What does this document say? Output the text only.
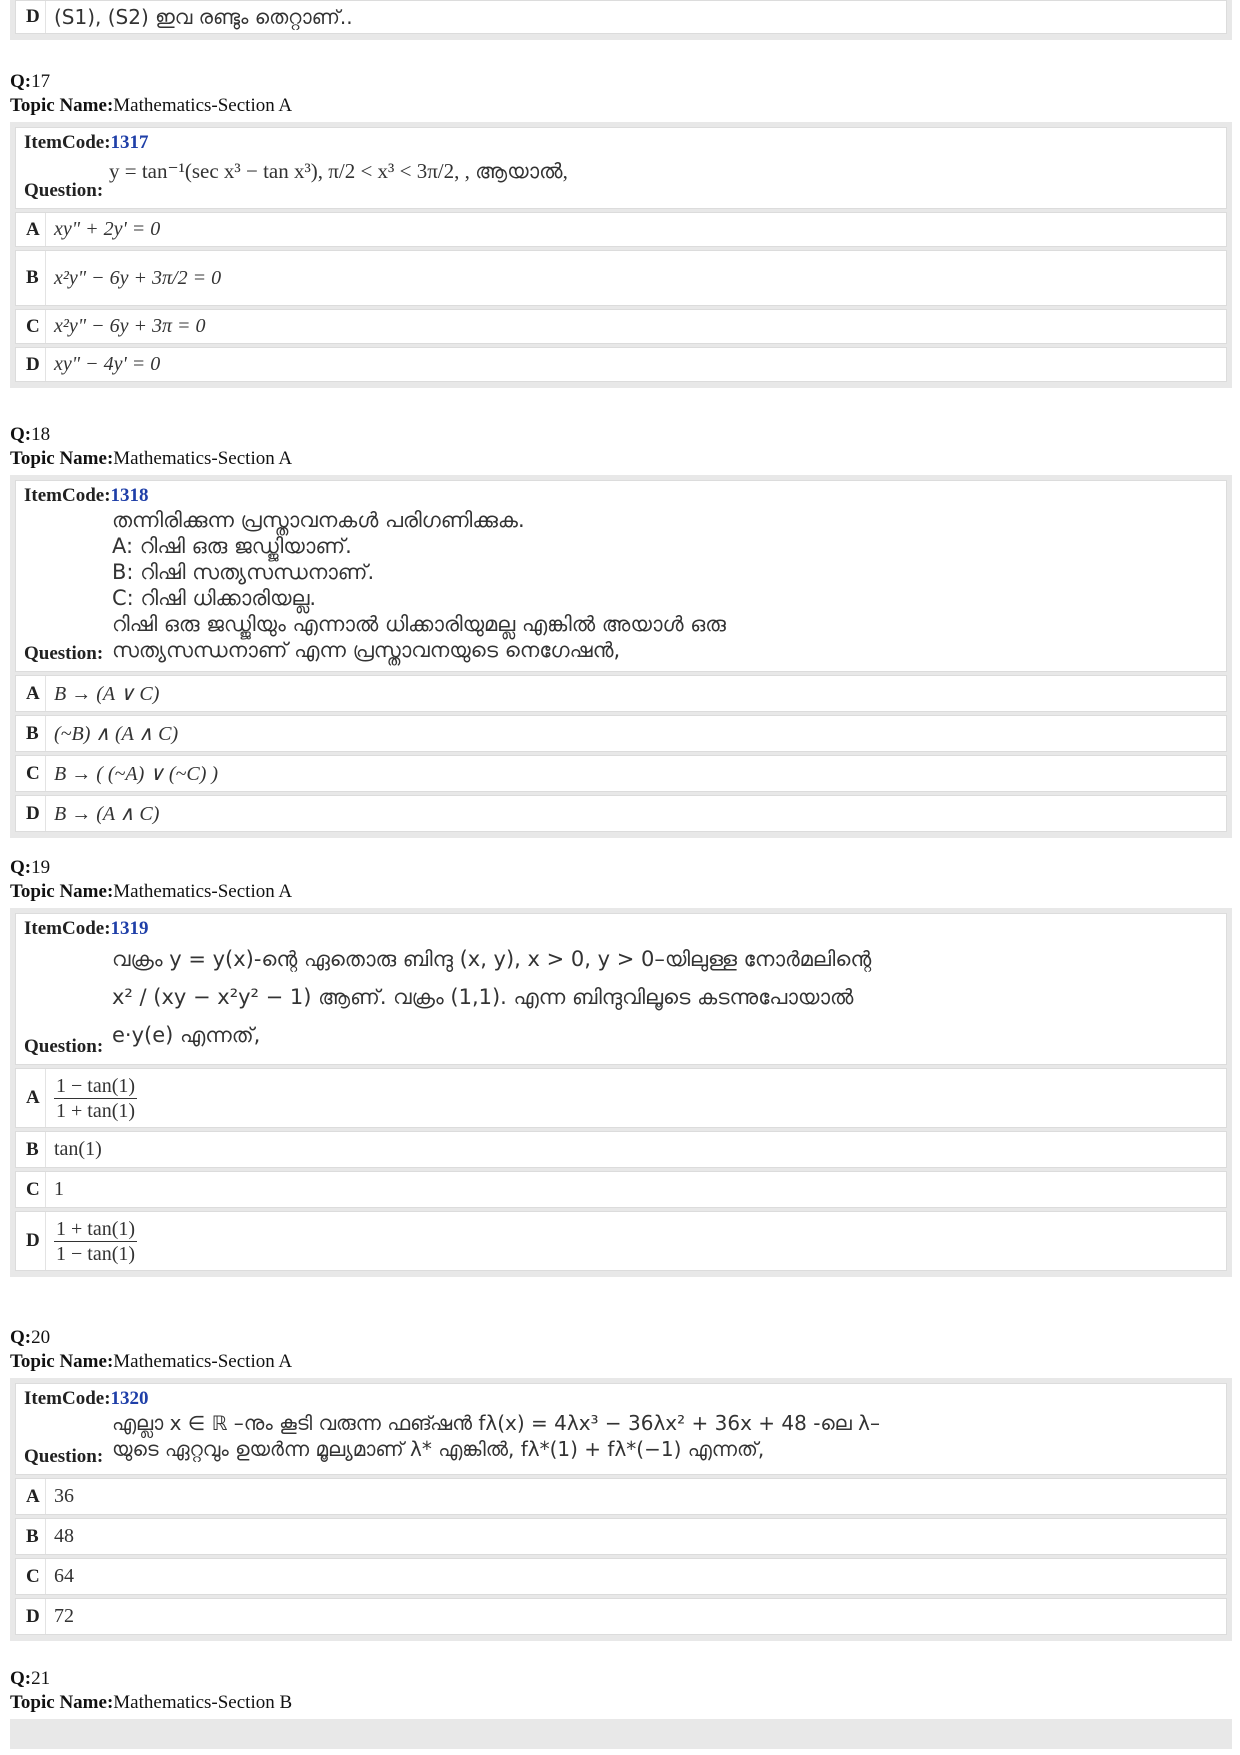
D (S1), (S2) ഇവ രണ്ടും തെറ്റാണ്..
Q:17
Topic Name:Mathematics-Section A
ItemCode:1317
Question:
y = tan⁻¹(sec x³ − tan x³), π/2 < x³ < 3π/2, , ആയാൽ,
A xy" + 2y' = 0
B x²y" − 6y + 3π/2 = 0
C x²y" − 6y + 3π = 0
D xy" − 4y' = 0
Q:18
Topic Name:Mathematics-Section A
ItemCode:1318
Question:
തന്നിരിക്കുന്ന പ്രസ്താവനകൾ പരിഗണിക്കുക.
A: റിഷി ഒരു ജഡ്ജിയാണ്.
B: റിഷി സത്യസന്ധനാണ്.
C: റിഷി ധിക്കാരിയല്ല.
റിഷി ഒരു ജഡ്ജിയും എന്നാൽ ധിക്കാരിയുമല്ല എങ്കിൽ അയാൾ ഒരു
സത്യസന്ധനാണ് എന്ന പ്രസ്താവനയുടെ നെഗേഷൻ,
A B → (A ∨ C)
B (~B) ∧ (A ∧ C)
C B → ( (~A) ∨ (~C) )
D B → (A ∧ C)
Q:19
Topic Name:Mathematics-Section A
ItemCode:1319
Question:
വക്രം y = y(x)-ന്റെ ഏതൊരു ബിന്ദു (x, y), x > 0, y > 0–യിലുള്ള നോർമലിന്റെ
x² / (xy − x²y² − 1) ആണ്. വക്രം (1,1). എന്ന ബിന്ദുവിലൂടെ കടന്നുപോയാൽ
e·y(e) എന്നത്,
A $\frac{1 - \tan(1)}{1 + \tan(1)}$
B tan(1)
C 1
D $\frac{1 + \tan(1)}{1 - \tan(1)}$
Q:20
Topic Name:Mathematics-Section A
ItemCode:1320
Question:
എല്ലാ x ∈ ℝ –നും കൂടി വരുന്ന ഫങ്ഷൻ fλ(x) = 4λx³ − 36λx² + 36x + 48 -ലെ λ–
യുടെ ഏറ്റവും ഉയർന്ന മൂല്യമാണ് λ* എങ്കിൽ, fλ*(1) + fλ*(−1) എന്നത്,
A 36
B 48
C 64
D 72
Q:21
Topic Name:Mathematics-Section B
